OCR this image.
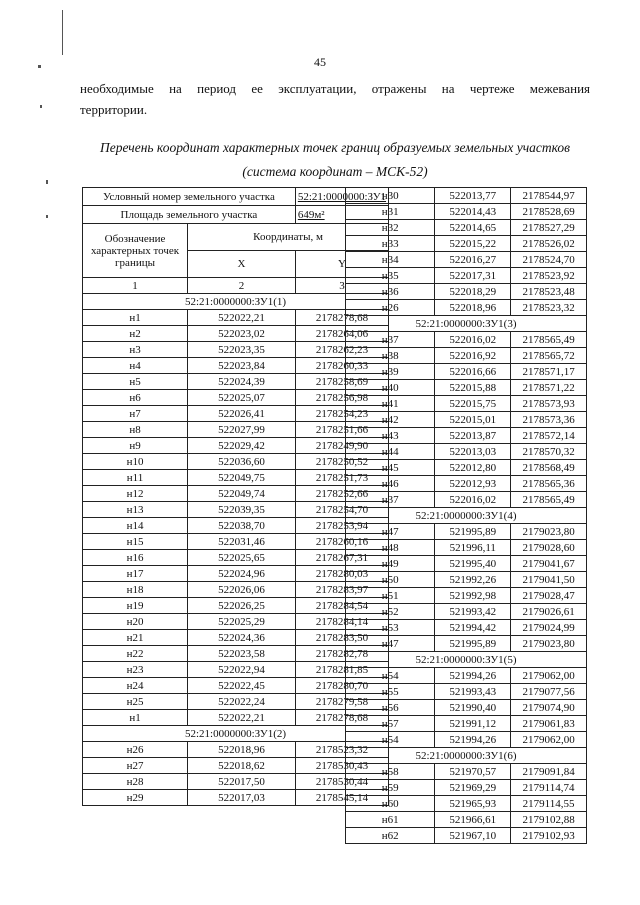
45
необходимые на период ее эксплуатации, отражены на чертеже межевания
территории.
Перечень координат характерных точек границ образуемых земельных участков
(система координат – МСК-52)
Условный номер земельного участка		52:21:0000000:ЗУ1
Площадь земельного участка		649м²
Обозначение характерных точек границы	Координаты, м	
	X	Y
1	2	3
52:21:0000000:ЗУ1(1)		
н1	522022,21	2178278,68
н2	522023,02	2178264,06
н3	522023,35	2178262,23
н4	522023,84	2178260,33
н5	522024,39	2178258,69
н6	522025,07	2178256,98
н7	522026,41	2178254,23
н8	522027,99	2178251,66
н9	522029,42	2178249,90
н10	522036,60	2178250,52
н11	522049,75	2178251,73
н12	522049,74	2178252,66
н13	522039,35	2178254,70
н14	522038,70	2178253,94
н15	522031,46	2178260,16
н16	522025,65	2178267,31
н17	522024,96	2178280,03
н18	522026,06	2178283,97
н19	522026,25	2178284,54
н20	522025,29	2178284,14
н21	522024,36	2178283,50
н22	522023,58	2178282,78
н23	522022,94	2178281,85
н24	522022,45	2178280,70
н25	522022,24	2178279,58
н1	522022,21	2178278,68
52:21:0000000:ЗУ1(2)		
н26	522018,96	2178523,32
н27	522018,62	2178530,43
н28	522017,50	2178530,44
н29	522017,03	2178545,14
н30	522013,77	2178544,97
н31	522014,43	2178528,69
н32	522014,65	2178527,29
н33	522015,22	2178526,02
н34	522016,27	2178524,70
н35	522017,31	2178523,92
н36	522018,29	2178523,48
н26	522018,96	2178523,32
52:21:0000000:ЗУ1(3)		
н37	522016,02	2178565,49
н38	522016,92	2178565,72
н39	522016,66	2178571,17
н40	522015,88	2178571,22
н41	522015,75	2178573,93
н42	522015,01	2178573,36
н43	522013,87	2178572,14
н44	522013,03	2178570,32
н45	522012,80	2178568,49
н46	522012,93	2178565,36
н37	522016,02	2178565,49
52:21:0000000:ЗУ1(4)		
н47	521995,89	2179023,80
н48	521996,11	2179028,60
н49	521995,40	2179041,67
н50	521992,26	2179041,50
н51	521992,98	2179028,47
н52	521993,42	2179026,61
н53	521994,42	2179024,99
н47	521995,89	2179023,80
52:21:0000000:ЗУ1(5)		
н54	521994,26	2179062,00
н55	521993,43	2179077,56
н56	521990,40	2179074,90
н57	521991,12	2179061,83
н54	521994,26	2179062,00
52:21:0000000:ЗУ1(6)		
н58	521970,57	2179091,84
н59	521969,29	2179114,74
н60	521965,93	2179114,55
н61	521966,61	2179102,88
н62	521967,10	2179102,93
